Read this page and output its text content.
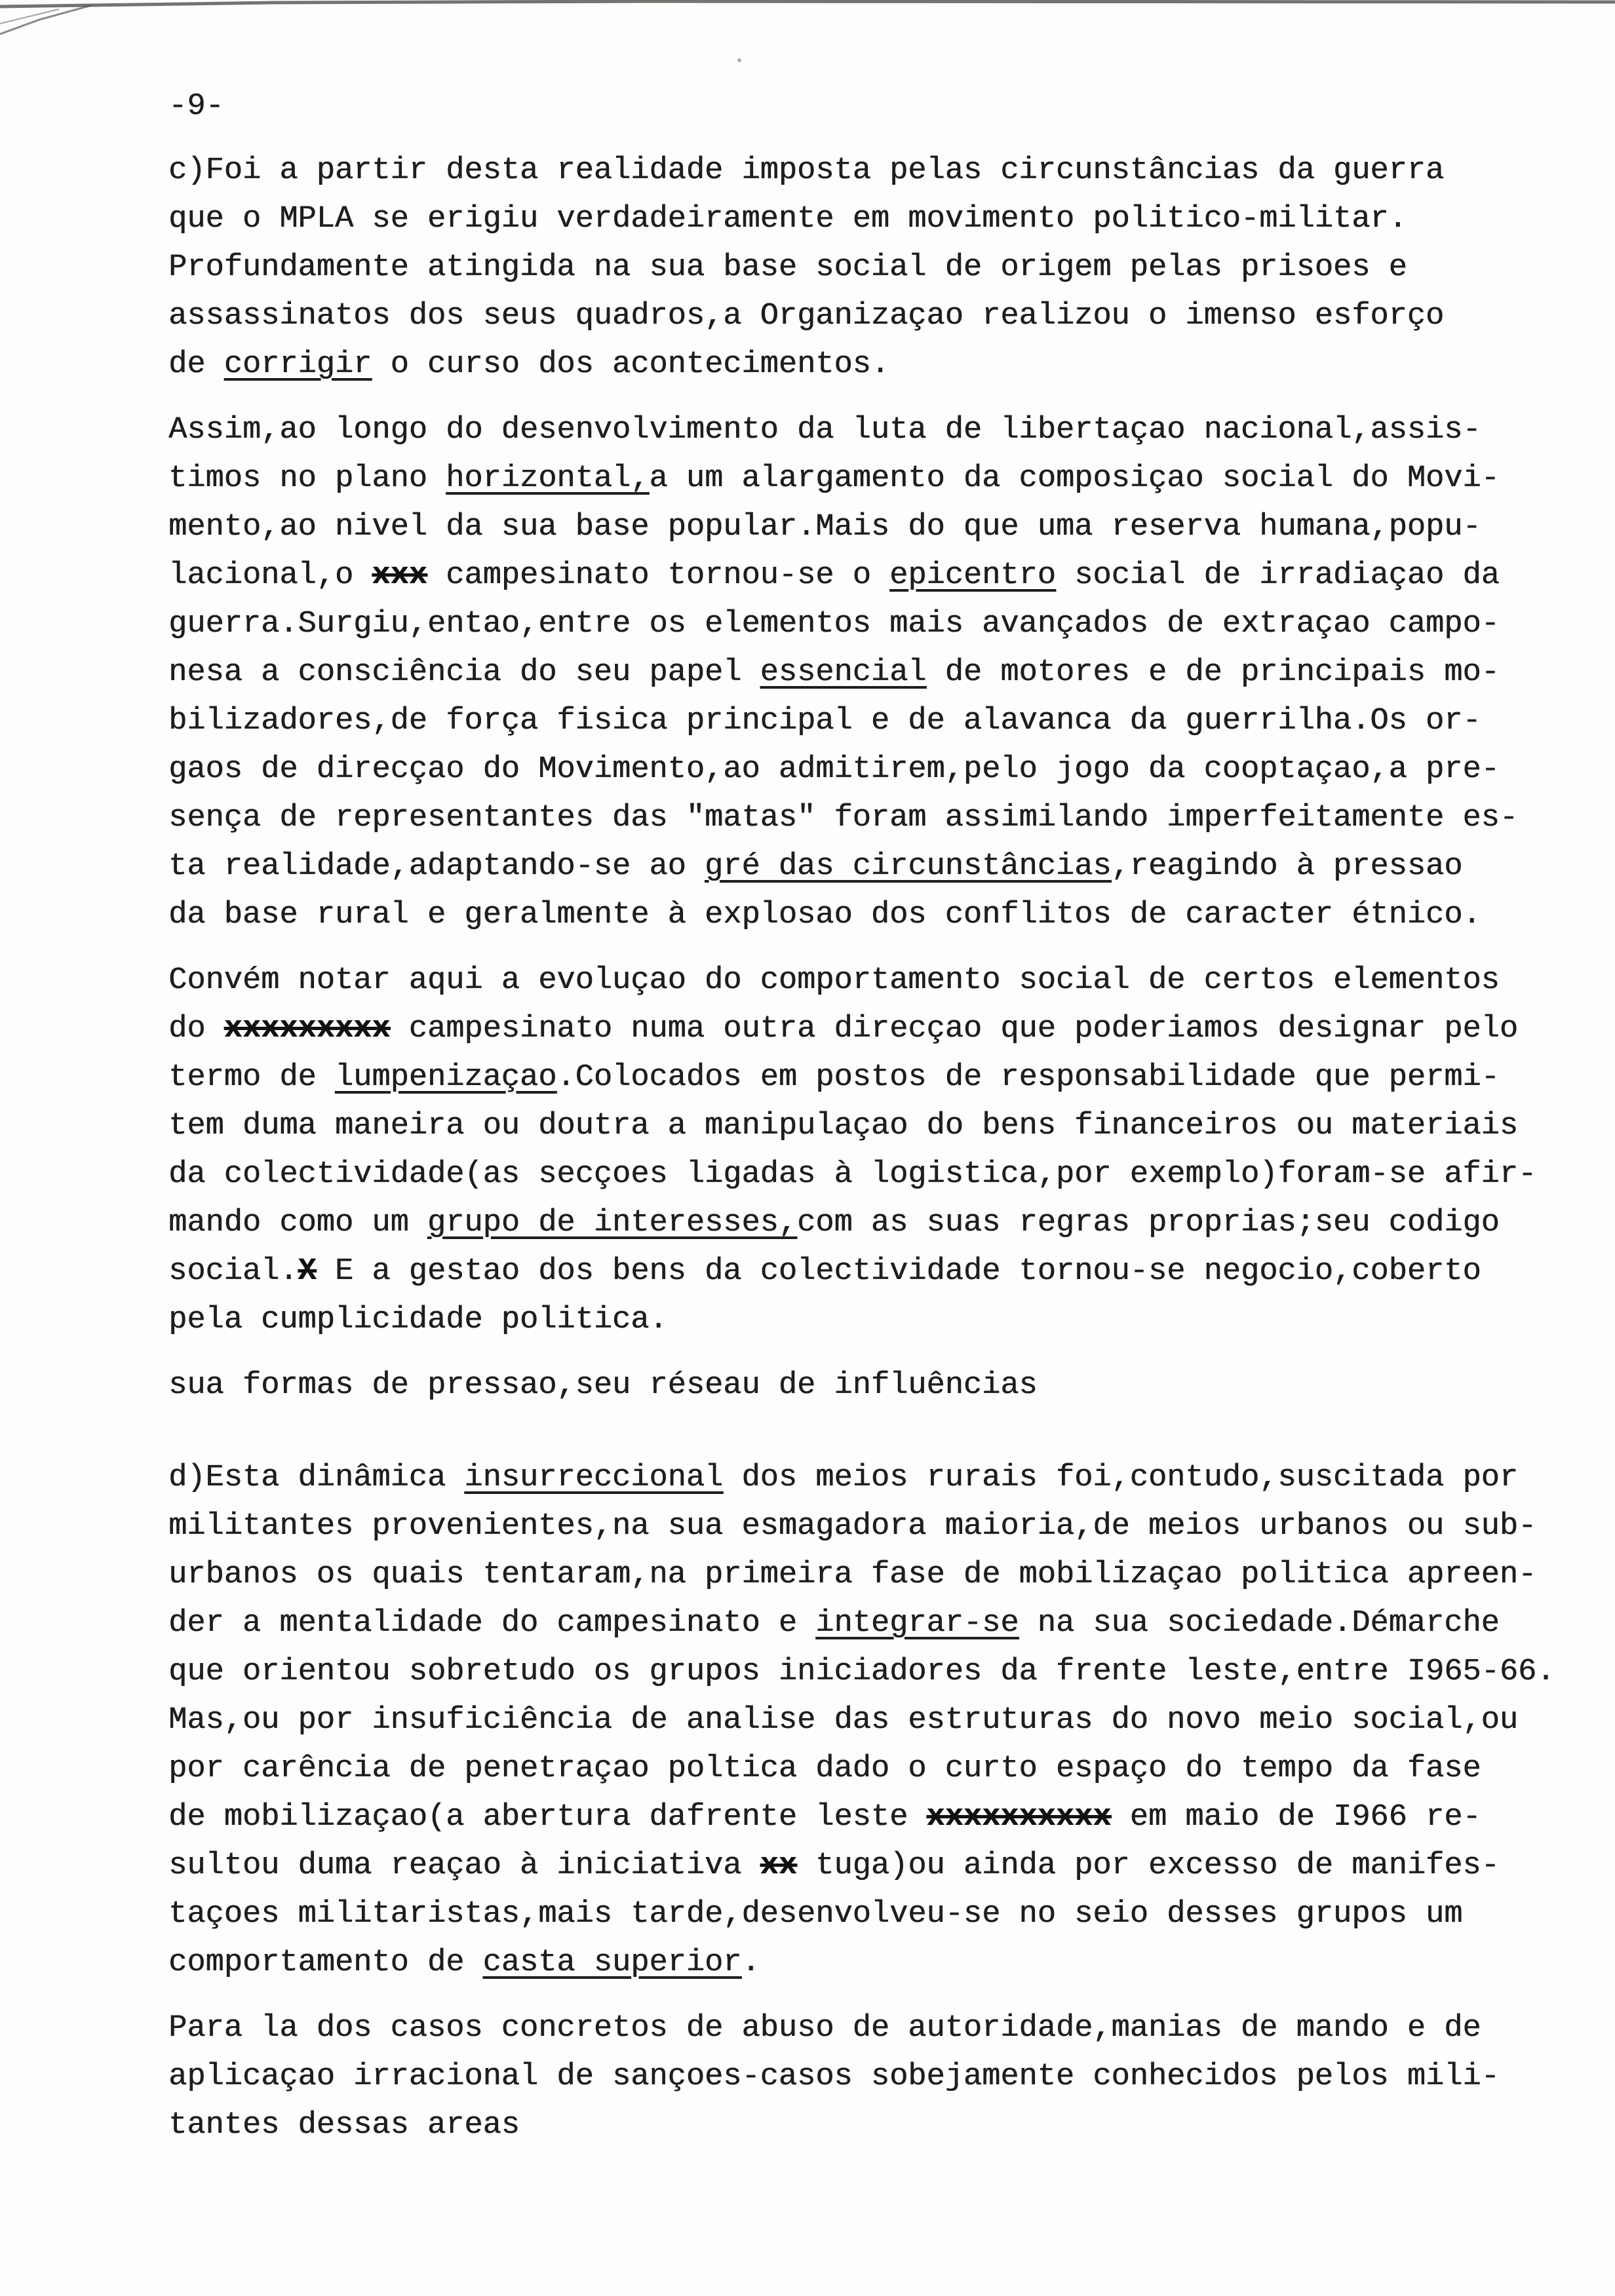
-9-
c)Foi a partir desta realidade imposta pelas circunstâncias da guerra
que o MPLA se erigiu verdadeiramente em movimento politico-militar.
Profundamente atingida na sua base social de origem pelas prisoes e
assassinatos dos seus quadros,a Organizaçao realizou o imenso esforço
de corrigir o curso dos acontecimentos.
Assim,ao longo do desenvolvimento da luta de libertaçao nacional,assis-
timos no plano horizontal,a um alargamento da composiçao social do Movi-
mento,ao nivel da sua base popular.Mais do que uma reserva humana,popu-
lacional,o xxx campesinato tornou-se o epicentro social de irradiaçao da
guerra.Surgiu,entao,entre os elementos mais avançados de extraçao campo-
nesa a consciência do seu papel essencial de motores e de principais mo-
bilizadores,de força fisica principal e de alavanca da guerrilha.Os or-
gaos de direcçao do Movimento,ao admitirem,pelo jogo da cooptaçao,a pre-
sença de representantes das "matas" foram assimilando imperfeitamente es-
ta realidade,adaptando-se ao gré das circunstâncias,reagindo à pressao
da base rural e geralmente à explosao dos conflitos de caracter étnico.
Convém notar aqui a evoluçao do comportamento social de certos elementos
do xxxxxxxxx campesinato numa outra direcçao que poderiamos designar pelo
termo de lumpenizaçao.Colocados em postos de responsabilidade que permi-
tem duma maneira ou doutra a manipulaçao do bens financeiros ou materiais
da colectividade(as secçoes ligadas à logistica,por exemplo)foram-se afir-
mando como um grupo de interesses,com as suas regras proprias;seu codigo
social.X E a gestao dos bens da colectividade tornou-se negocio,coberto
pela cumplicidade politica.
sua formas de pressao,seu réseau de influências
d)Esta dinâmica insurreccional dos meios rurais foi,contudo,suscitada por
militantes provenientes,na sua esmagadora maioria,de meios urbanos ou sub-
urbanos os quais tentaram,na primeira fase de mobilizaçao politica apreen-
der a mentalidade do campesinato e integrar-se na sua sociedade.Démarche
que orientou sobretudo os grupos iniciadores da frente leste,entre I965-66.
Mas,ou por insuficiência de analise das estruturas do novo meio social,ou
por carência de penetraçao poltica dado o curto espaço do tempo da fase
de mobilizaçao(a abertura dafrente leste xxxxxxxxxx em maio de I966 re-
sultou duma reaçao à iniciativa xx tuga)ou ainda por excesso de manifes-
taçoes militaristas,mais tarde,desenvolveu-se no seio desses grupos um
comportamento de casta superior.
Para la dos casos concretos de abuso de autoridade,manias de mando e de
aplicaçao irracional de sançoes-casos sobejamente conhecidos pelos mili-
tantes dessas areas
